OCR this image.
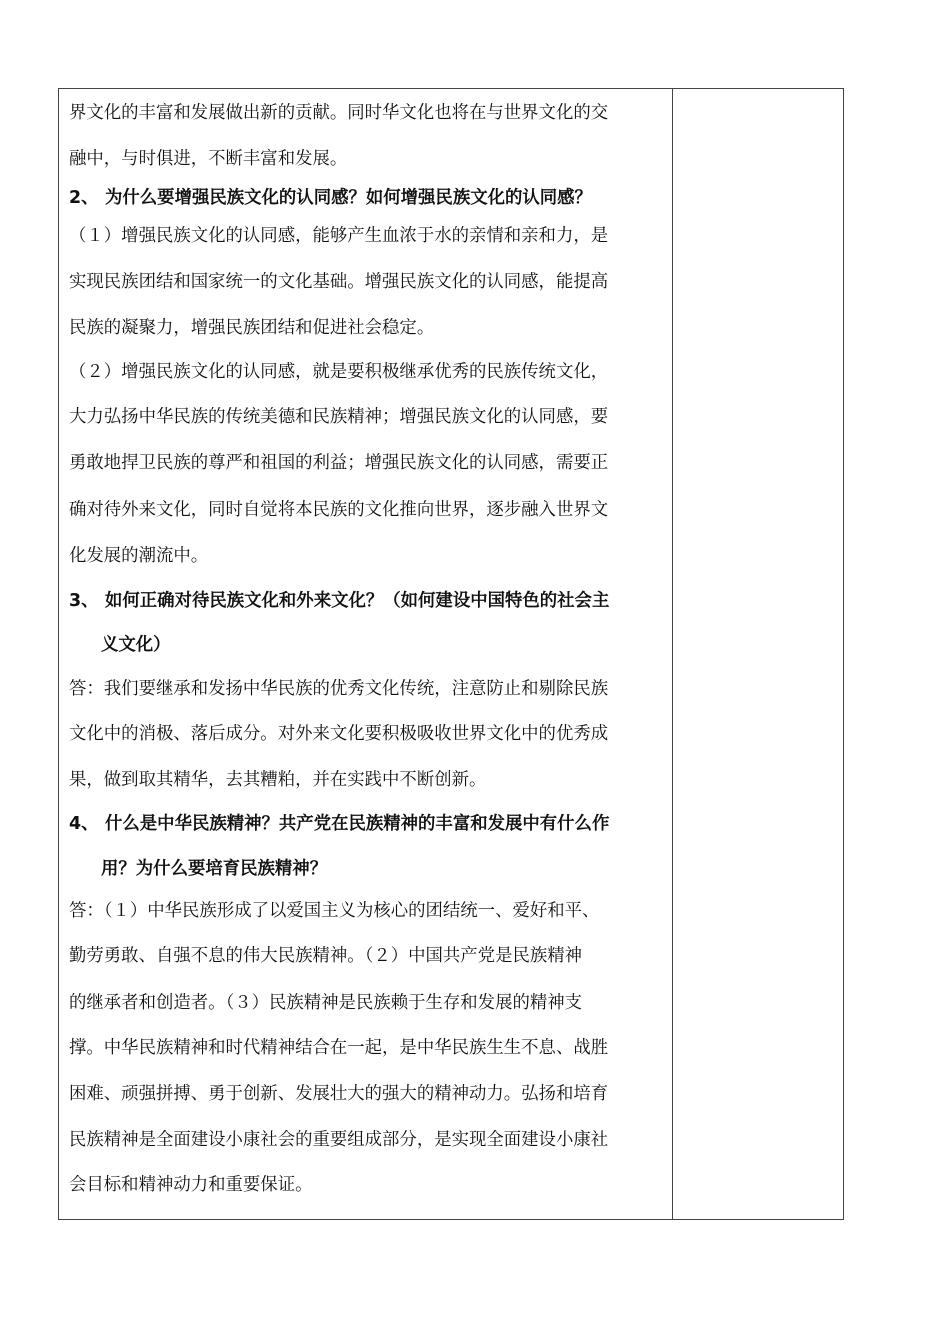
界文化的丰富和发展做出新的贡献。同时华文化也将在与世界文化的交
融中，与时俱进，不断丰富和发展。
2、 为什么要增强民族文化的认同感？如何增强民族文化的认同感？
（１）增强民族文化的认同感，能够产生血浓于水的亲情和亲和力，是
实现民族团结和国家统一的文化基础。增强民族文化的认同感，能提高
民族的凝聚力，增强民族团结和促进社会稳定。
（２）增强民族文化的认同感，就是要积极继承优秀的民族传统文化，
大力弘扬中华民族的传统美德和民族精神；增强民族文化的认同感，要
勇敢地捍卫民族的尊严和祖国的利益；增强民族文化的认同感，需要正
确对待外来文化，同时自觉将本民族的文化推向世界，逐步融入世界文
化发展的潮流中。
3、 如何正确对待民族文化和外来文化？（如何建设中国特色的社会主
义文化）
答：我们要继承和发扬中华民族的优秀文化传统，注意防止和剔除民族
文化中的消极、落后成分。对外来文化要积极吸收世界文化中的优秀成
果，做到取其精华，去其糟粕，并在实践中不断创新。
4、 什么是中华民族精神？共产党在民族精神的丰富和发展中有什么作
用？为什么要培育民族精神？
答：（１）中华民族形成了以爱国主义为核心的团结统一、爱好和平、
勤劳勇敢、自强不息的伟大民族精神。（２）中国共产党是民族精神
的继承者和创造者。（３）民族精神是民族赖于生存和发展的精神支
撑。中华民族精神和时代精神结合在一起，是中华民族生生不息、战胜
困难、顽强拼搏、勇于创新、发展壮大的强大的精神动力。弘扬和培育
民族精神是全面建设小康社会的重要组成部分，是实现全面建设小康社
会目标和精神动力和重要保证。
